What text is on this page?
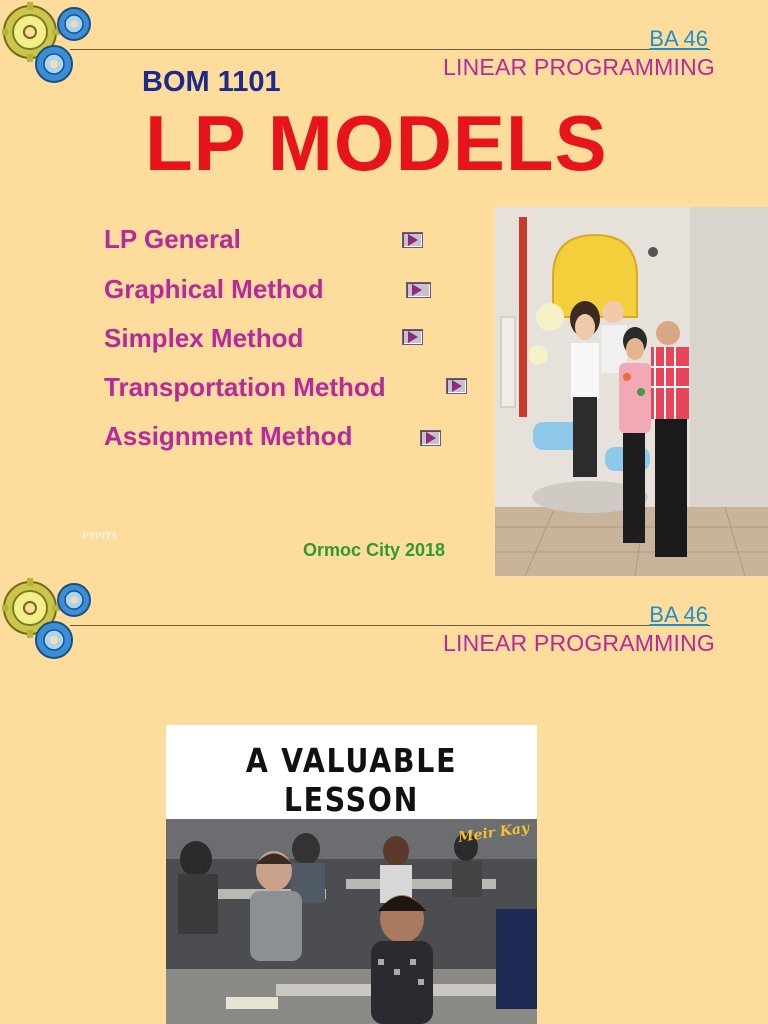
BA 46
LINEAR PROGRAMMING
BOM 1101
LP MODELS
LP General
Graphical Method
Simplex Method
Transportation Method
Assignment Method
PYPITS
Ormoc City 2018
BA 46
LINEAR PROGRAMMING
A VALUABLE LESSON
Meir Kay
